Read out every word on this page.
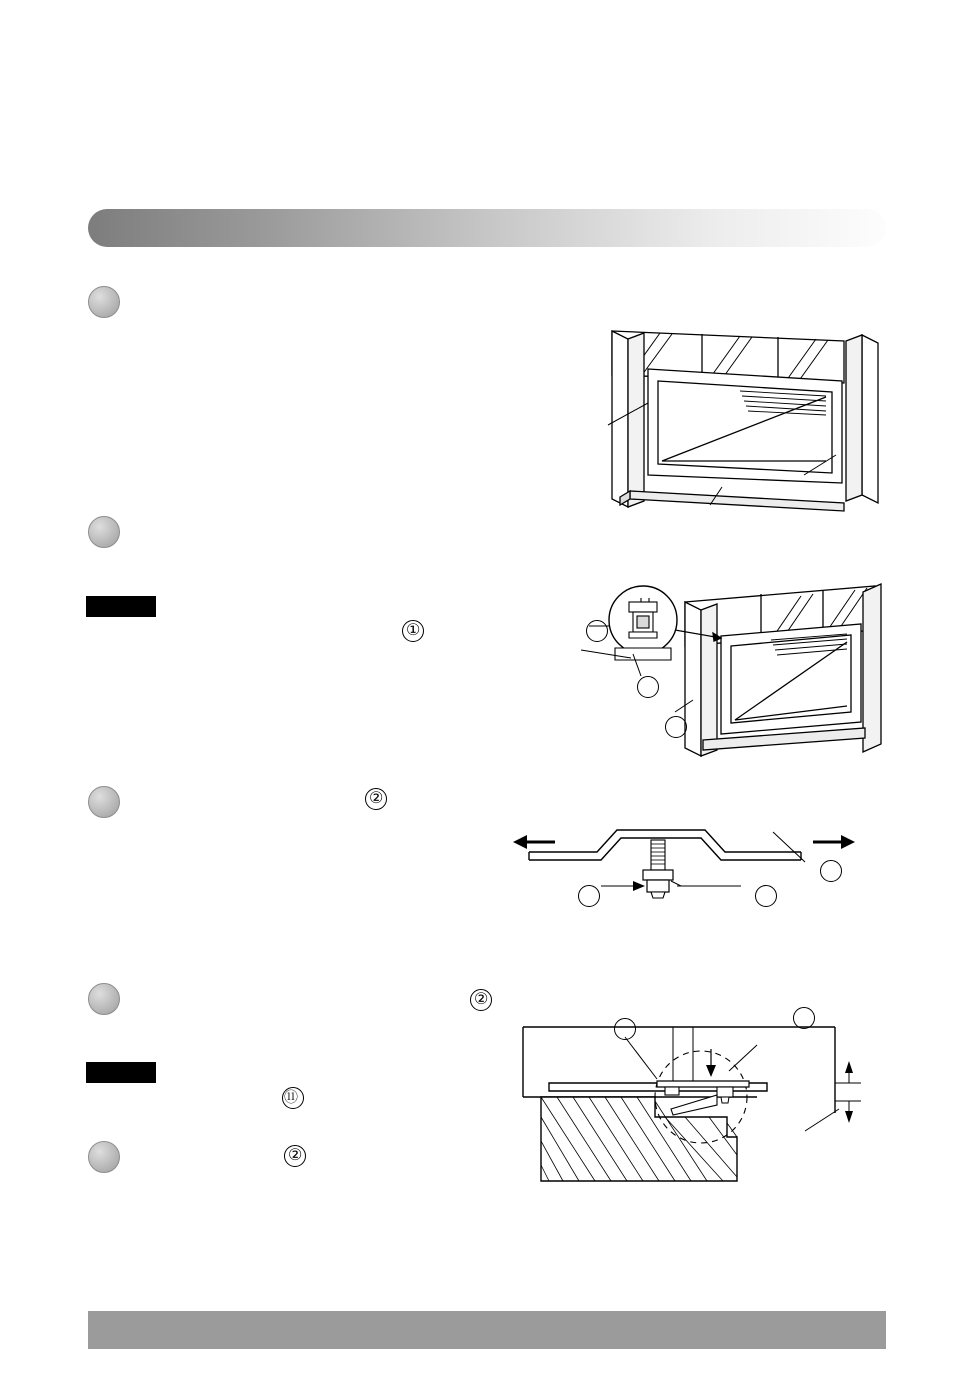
①
②
⑪
②
②
